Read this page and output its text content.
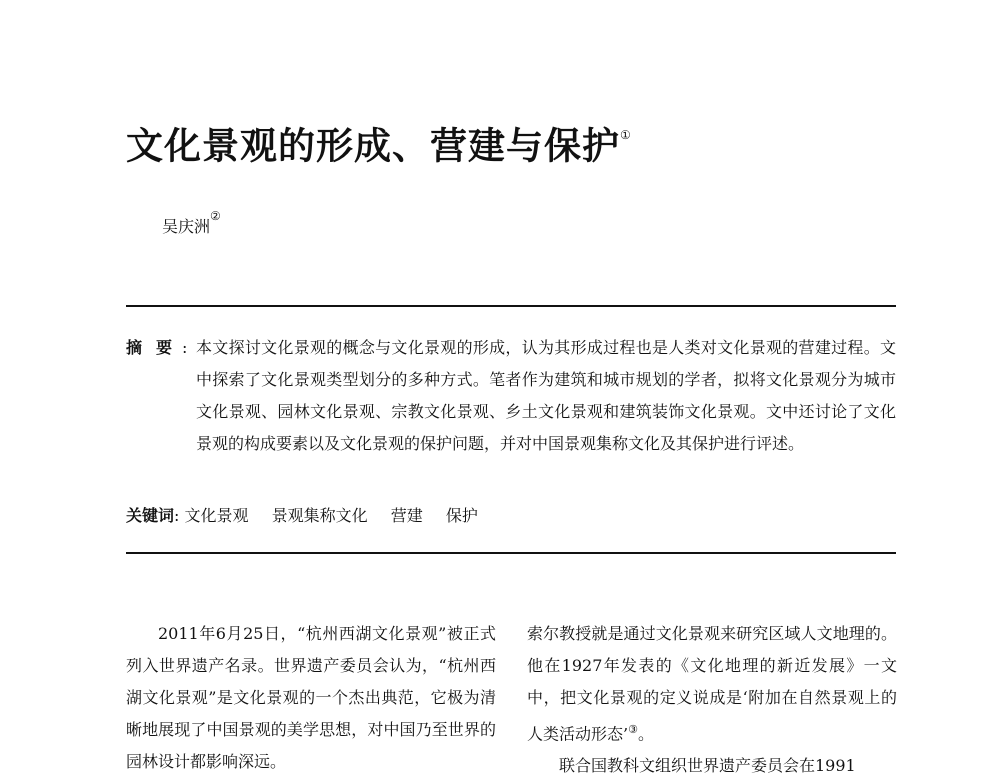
文化景观的形成、营建与保护①
吴庆洲②
摘 要 : 本文探讨文化景观的概念与文化景观的形成，认为其形成过程也是人类对文化景观的营建过程。文中探索了文化景观类型划分的多种方式。笔者作为建筑和城市规划的学者，拟将文化景观分为城市文化景观、园林文化景观、宗教文化景观、乡土文化景观和建筑装饰文化景观。文中还讨论了文化景观的构成要素以及文化景观的保护问题，并对中国景观集称文化及其保护进行评述。
关键词: 文化景观 景观集称文化 营建 保护

2011年6月25日，“杭州西湖文化景观”被正式列入世界遗产名录。世界遗产委员会认为，“杭州西湖文化景观”是文化景观的一个杰出典范，它极为清晰地展现了中国景观的美学思想，对中国乃至世界的园林设计都影响深远。

索尔教授就是通过文化景观来研究区域人文地理的。他在1927年发表的《文化地理的新近发展》一文中，把文化景观的定义说成是‘附加在自然景观上的人类活动形态’③。

联合国教科文组织世界遗产委员会在1991
